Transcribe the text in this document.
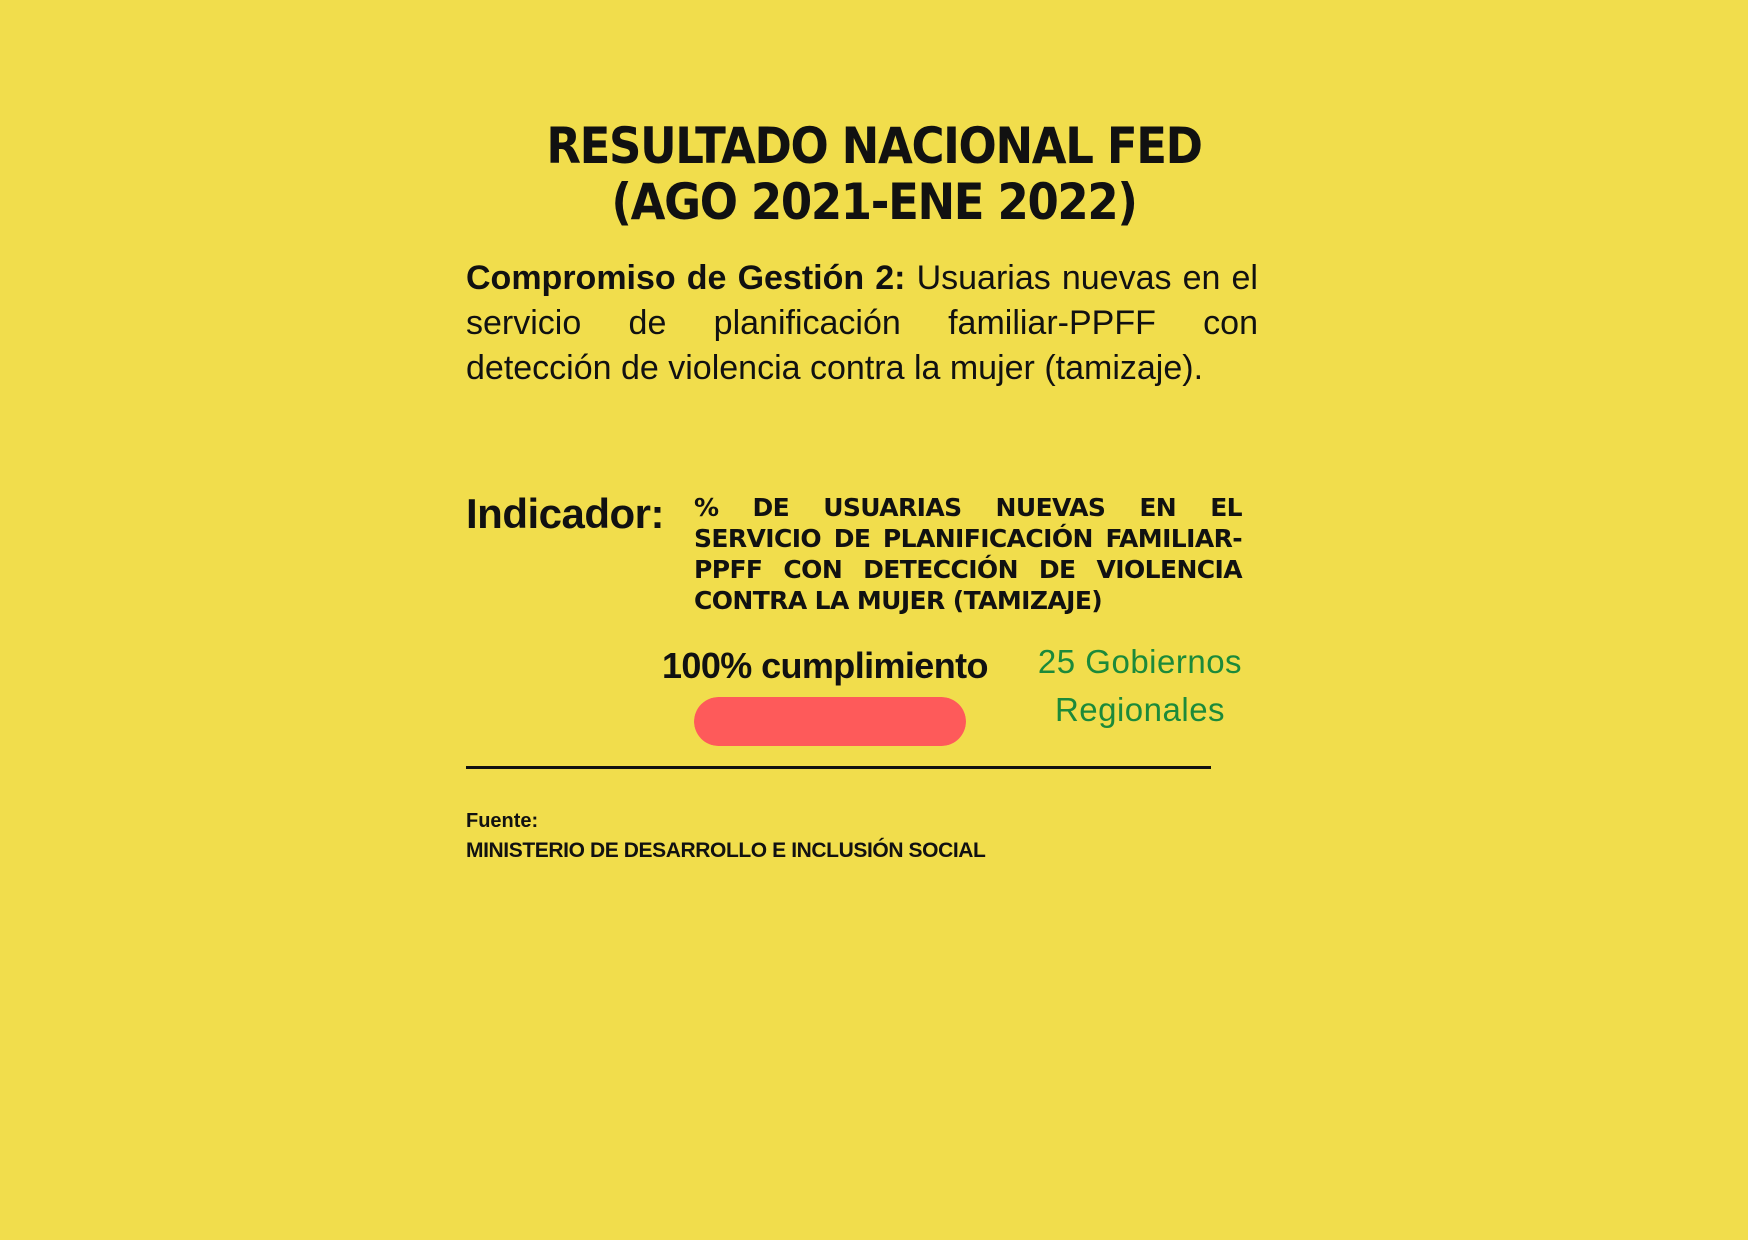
RESULTADO NACIONAL FED
(AGO 2021-ENE 2022)
Compromiso de Gestión 2: Usuarias nuevas en el servicio de planificación familiar-PPFF con detección de violencia contra la mujer (tamizaje).
Indicador: % DE USUARIAS NUEVAS EN EL SERVICIO DE PLANIFICACIÓN FAMILIAR-PPFF CON DETECCIÓN DE VIOLENCIA CONTRA LA MUJER (TAMIZAJE)
100% cumplimiento	25 Gobiernos
Regionales
Fuente:
MINISTERIO DE DESARROLLO E INCLUSIÓN SOCIAL
